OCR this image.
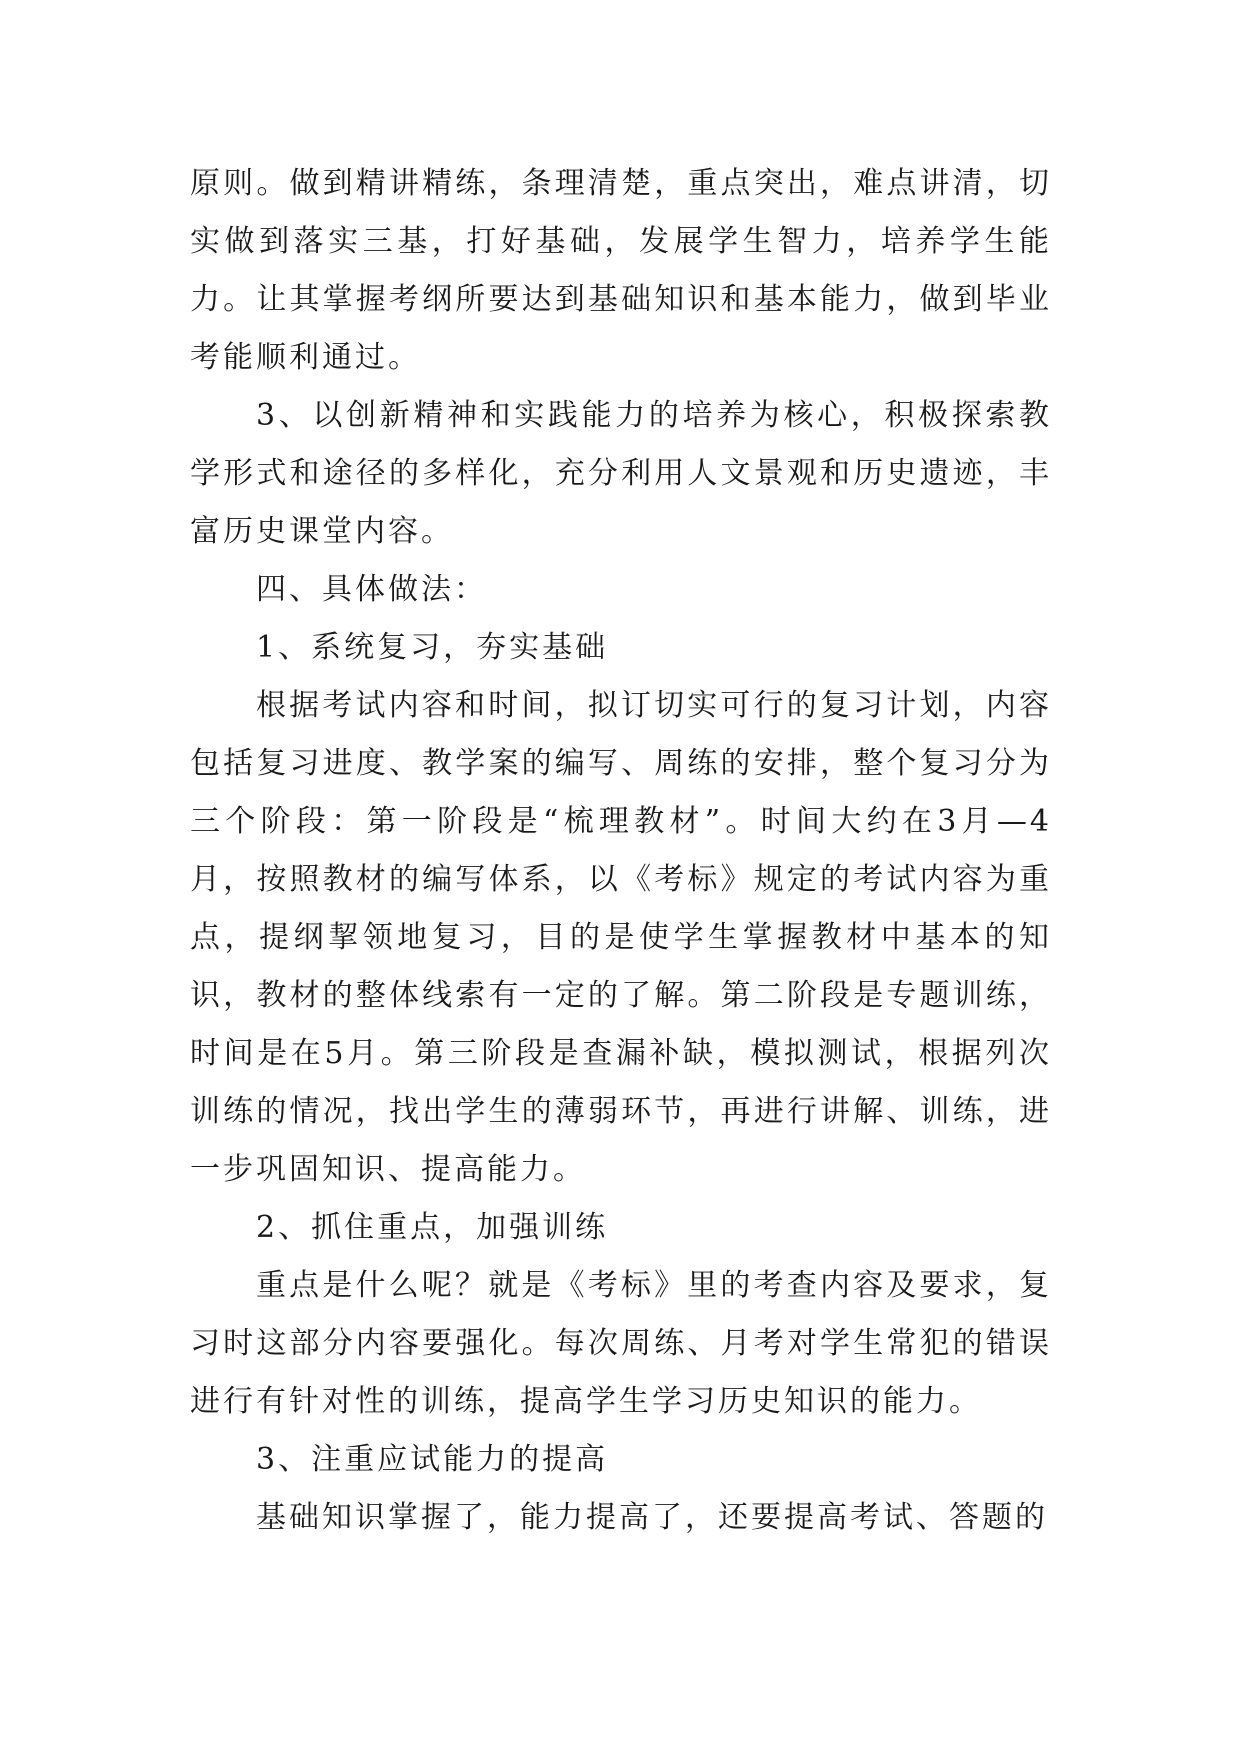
原则。做到精讲精练，条理清楚，重点突出，难点讲清，切实做到落实三基，打好基础，发展学生智力，培养学生能力。让其掌握考纲所要达到基础知识和基本能力，做到毕业考能顺利通过。

3、以创新精神和实践能力的培养为核心，积极探索教学形式和途径的多样化，充分利用人文景观和历史遗迹，丰富历史课堂内容。

四、具体做法：

1、系统复习，夯实基础

根据考试内容和时间，拟订切实可行的复习计划，内容包括复习进度、教学案的编写、周练的安排，整个复习分为三个阶段：第一阶段是“梳理教材”。时间大约在3月—4月，按照教材的编写体系，以《考标》规定的考试内容为重点，提纲挈领地复习，目的是使学生掌握教材中基本的知识，教材的整体线索有一定的了解。第二阶段是专题训练，时间是在5月。第三阶段是查漏补缺，模拟测试，根据列次训练的情况，找出学生的薄弱环节，再进行讲解、训练，进一步巩固知识、提高能力。

2、抓住重点，加强训练

重点是什么呢？就是《考标》里的考查内容及要求，复习时这部分内容要强化。每次周练、月考对学生常犯的错误进行有针对性的训练，提高学生学习历史知识的能力。

3、注重应试能力的提高

基础知识掌握了，能力提高了，还要提高考试、答题的
